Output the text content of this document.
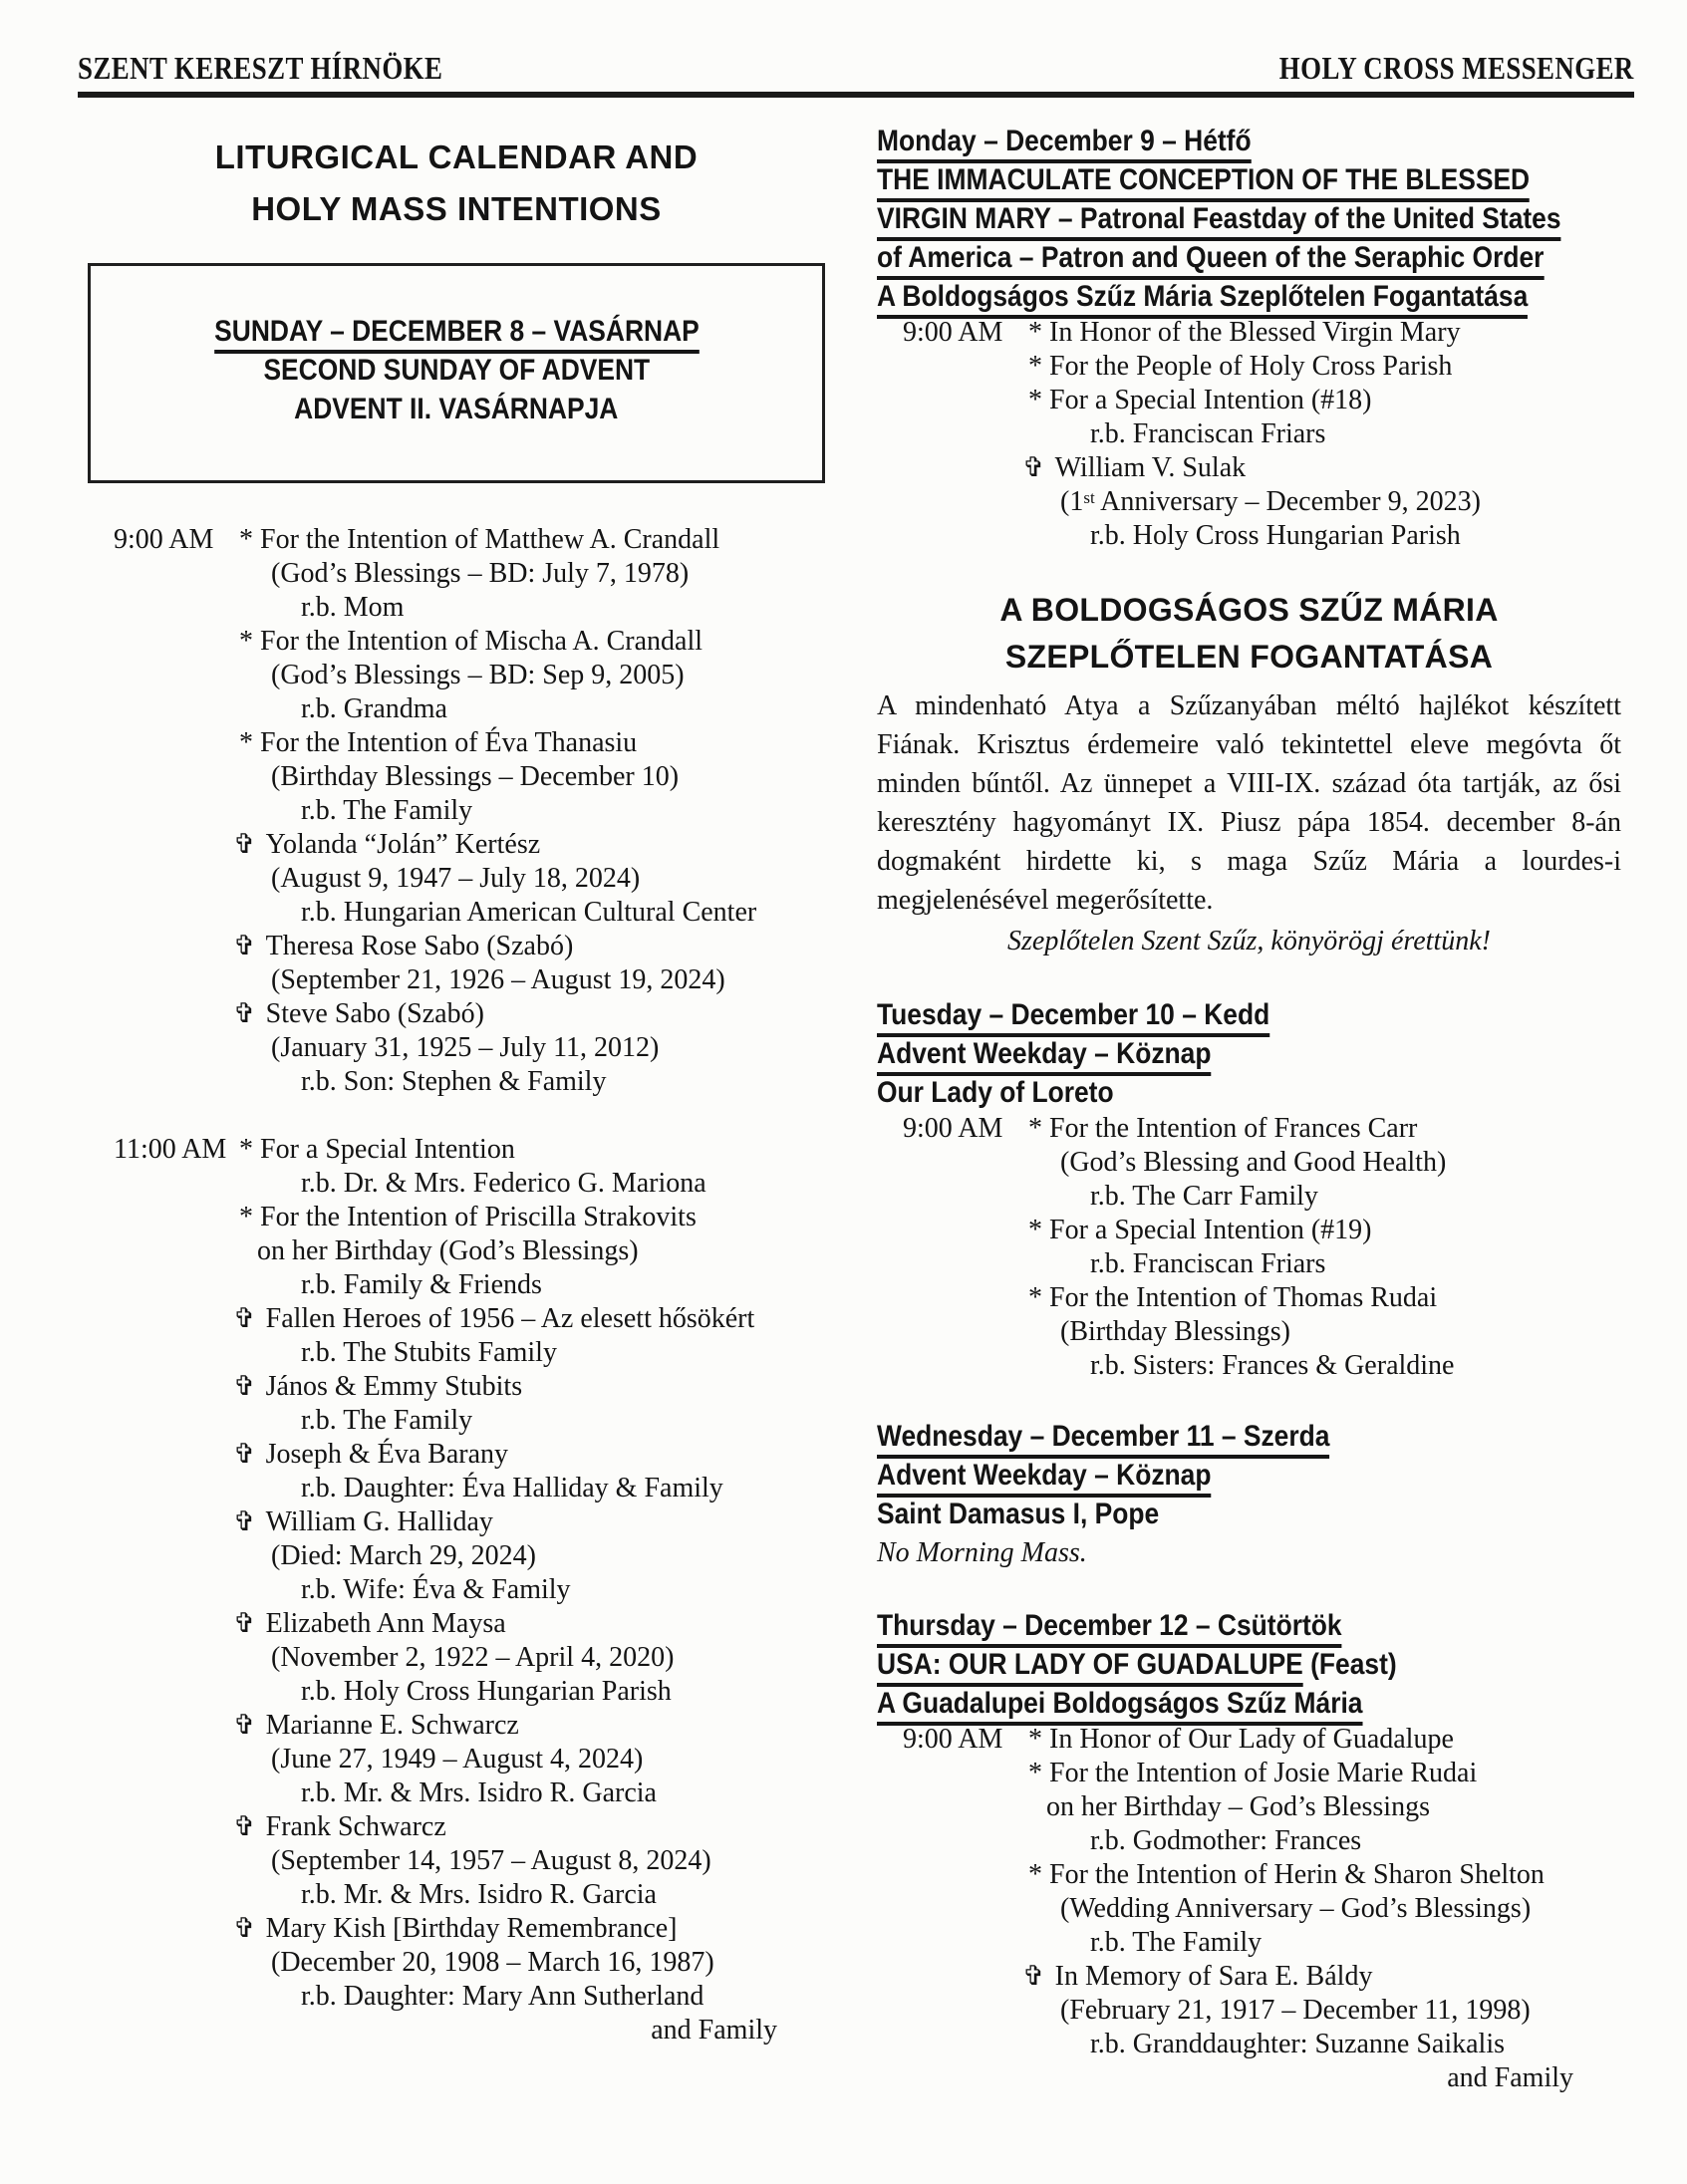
SZENT KERESZT HÍRNÖKE	HOLY CROSS MESSENGER
LITURGICAL CALENDAR AND
HOLY MASS INTENTIONS
SUNDAY – DECEMBER 8 – VASÁRNAP
SECOND SUNDAY OF ADVENT
ADVENT II. VASÁRNAPJA
9:00 AM * For the Intention of Matthew A. Crandall
(God’s Blessings – BD: July 7, 1978)
r.b. Mom
* For the Intention of Mischa A. Crandall
(God’s Blessings – BD: Sep 9, 2005)
r.b. Grandma
* For the Intention of Éva Thanasiu
(Birthday Blessings – December 10)
r.b. The Family
✞ Yolanda “Jolán” Kertész
(August 9, 1947 – July 18, 2024)
r.b. Hungarian American Cultural Center
✞ Theresa Rose Sabo (Szabó)
(September 21, 1926 – August 19, 2024)
✞ Steve Sabo (Szabó)
(January 31, 1925 – July 11, 2012)
r.b. Son: Stephen & Family
11:00 AM * For a Special Intention
r.b. Dr. & Mrs. Federico G. Mariona
* For the Intention of Priscilla Strakovits
on her Birthday (God’s Blessings)
r.b. Family & Friends
✞ Fallen Heroes of 1956 – Az elesett hősökért
r.b. The Stubits Family
✞ János & Emmy Stubits
r.b. The Family
✞ Joseph & Éva Barany
r.b. Daughter: Éva Halliday & Family
✞ William G. Halliday
(Died: March 29, 2024)
r.b. Wife: Éva & Family
✞ Elizabeth Ann Maysa
(November 2, 1922 – April 4, 2020)
r.b. Holy Cross Hungarian Parish
✞ Marianne E. Schwarcz
(June 27, 1949 – August 4, 2024)
r.b. Mr. & Mrs. Isidro R. Garcia
✞ Frank Schwarcz
(September 14, 1957 – August 8, 2024)
r.b. Mr. & Mrs. Isidro R. Garcia
✞ Mary Kish [Birthday Remembrance]
(December 20, 1908 – March 16, 1987)
r.b. Daughter: Mary Ann Sutherland
and Family
Monday – December 9 – Hétfő
THE IMMACULATE CONCEPTION OF THE BLESSED
VIRGIN MARY – Patronal Feastday of the United States
of America – Patron and Queen of the Seraphic Order
A Boldogságos Szűz Mária Szeplőtelen Fogantatása
9:00 AM * In Honor of the Blessed Virgin Mary
* For the People of Holy Cross Parish
* For a Special Intention (#18)
r.b. Franciscan Friars
✞ William V. Sulak
(1st Anniversary – December 9, 2023)
r.b. Holy Cross Hungarian Parish
A BOLDOGSÁGOS SZŰZ MÁRIA
SZEPLŐTELEN FOGANTATÁSA
A mindenható Atya a Szűzanyában méltó hajlékot készített Fiának. Krisztus érdemeire való tekintettel eleve megóvta őt minden bűntől. Az ünnepet a VIII-IX. század óta tartják, az ősi keresztény hagyományt IX. Piusz pápa 1854. december 8-án dogmaként hirdette ki, s maga Szűz Mária a lourdes-i megjelenésével megerősítette.
Szeplőtelen Szent Szűz, könyörögj érettünk!
Tuesday – December 10 – Kedd
Advent Weekday – Köznap
Our Lady of Loreto
9:00 AM * For the Intention of Frances Carr
(God’s Blessing and Good Health)
r.b. The Carr Family
* For a Special Intention (#19)
r.b. Franciscan Friars
* For the Intention of Thomas Rudai
(Birthday Blessings)
r.b. Sisters: Frances & Geraldine
Wednesday – December 11 – Szerda
Advent Weekday – Köznap
Saint Damasus I, Pope
No Morning Mass.
Thursday – December 12 – Csütörtök
USA: OUR LADY OF GUADALUPE (Feast)
A Guadalupei Boldogságos Szűz Mária
9:00 AM * In Honor of Our Lady of Guadalupe
* For the Intention of Josie Marie Rudai
on her Birthday – God’s Blessings
r.b. Godmother: Frances
* For the Intention of Herin & Sharon Shelton
(Wedding Anniversary – God’s Blessings)
r.b. The Family
✞ In Memory of Sara E. Báldy
(February 21, 1917 – December 11, 1998)
r.b. Granddaughter: Suzanne Saikalis
and Family
